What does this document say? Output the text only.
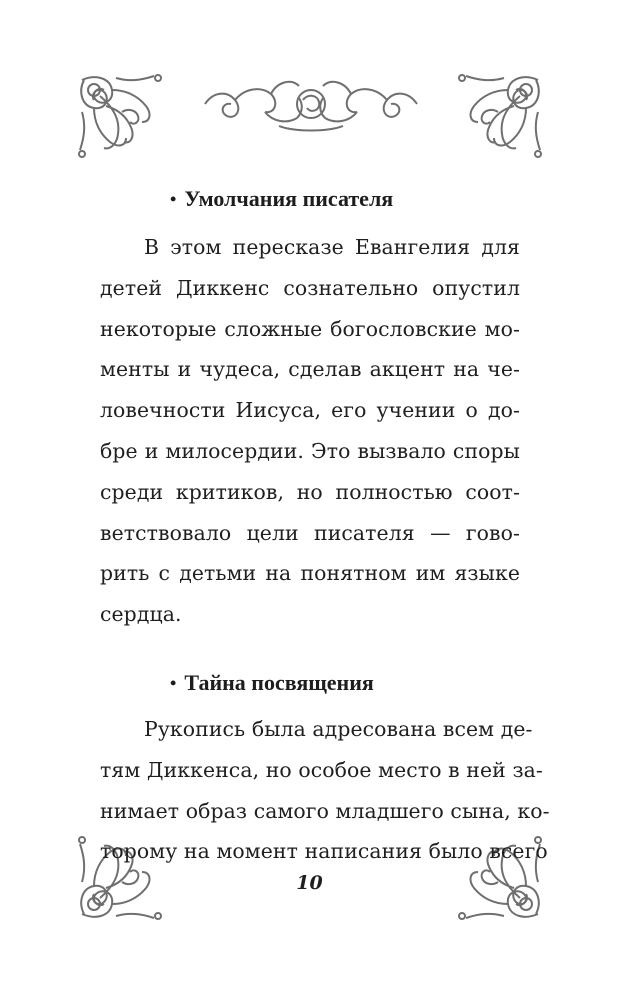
• Умолчания писателя

В этом пересказе Евангелия для
детей Диккенс сознательно опустил
некоторые сложные богословские мо-
менты и чудеса, сделав акцент на че-
ловечности Иисуса, его учении о до-
бре и милосердии. Это вызвало споры
среди критиков, но полностью соот-
ветствовало цели писателя — гово-
рить с детьми на понятном им языке
сердца.

• Тайна посвящения

Рукопись была адресована всем де-
тям Диккенса, но особое место в ней за-
нимает образ самого младшего сына, ко-
торому на момент написания было всего

10
